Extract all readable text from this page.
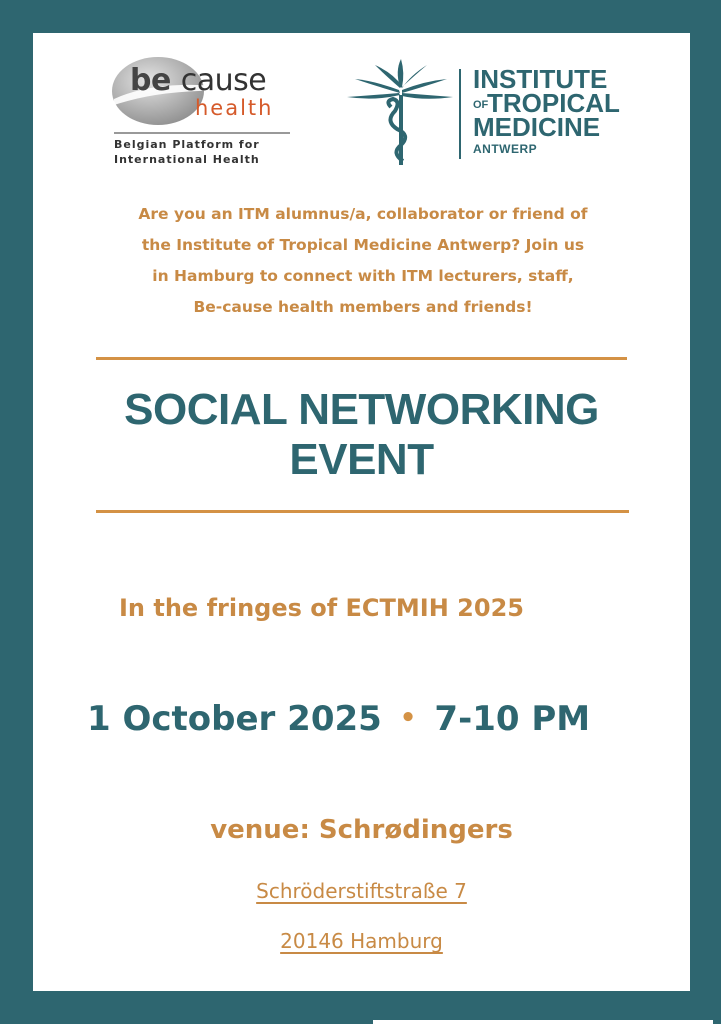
be cause
health
Belgian Platform for
International Health
INSTITUTE
OFTROPICAL
MEDICINE
ANTWERP
Are you an ITM alumnus/a, collaborator or friend of
the Institute of Tropical Medicine Antwerp? Join us
in Hamburg to connect with ITM lecturers, staff,
Be-cause health members and friends!
SOCIAL NETWORKING
EVENT
In the fringes of ECTMIH 2025
1 October 2025 • 7-10 PM
venue: Schrødingers
Schröderstiftstraße 7
20146 Hamburg
